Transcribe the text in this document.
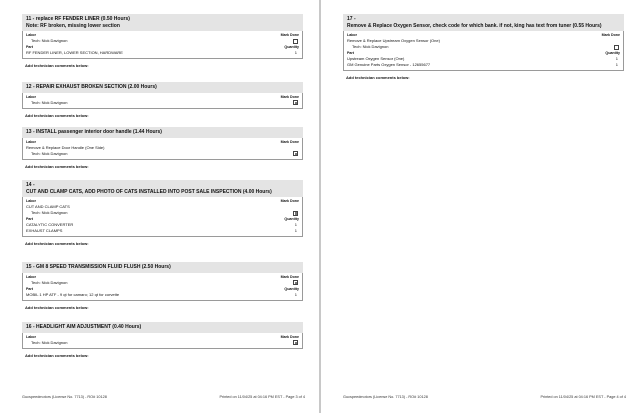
11 - replace RF FENDER LINER (0.50 Hours)
Note: RF broken, missing lower section
Labor	Mark Done
Tech: Nick Davignon
Part	Quantity
RF FENDER LINER, LOWER SECTION, HARDWARE	1
Add technician comments below:
12 - REPAIR EXHAUST BROKEN SECTION (2.00 Hours)
Labor	Mark Done
Tech: Nick Davignon
Add technician comments below:
13 - INSTALL passenger interior door handle (1.44 Hours)
Labor	Mark Done
Remove & Replace Door Handle (One Side)
Tech: Nick Davignon
Add technician comments below:
14 -
CUT AND CLAMP CATS, ADD PHOTO OF CATS INSTALLED INTO POST SALE INSPECTION (4.00 Hours)
Labor	Mark Done
CUT AND CLAMP CATS
Tech: Nick Davignon
Part	Quantity
CATALYTIC CONVERTER	1
EXHAUST CLAMPS	1
Add technician comments below:
15 - GM 8 SPEED TRANSMISSION FLUID FLUSH (2.50 Hours)
Labor	Mark Done
Tech: Nick Davignon
Part	Quantity
MOBIL 1 HP ATF - 9 qt for camaro; 12 qt for corvette	1
Add technician comments below:
16 - HEADLIGHT AIM ADJUSTMENT (0.40 Hours)
Labor	Mark Done
Tech: Nick Davignon
Add technician comments below:
Gucspeedmotors (License No. 7713) - RO# 10128	Printed on 11/04/25 at 04:16 PM EST - Page 3 of 4
17 -
Remove & Replace Oxygen Sensor, check code for which bank. if not, king has text from tuner (0.55 Hours)
Labor	Mark Done
Remove & Replace Upstream Oxygen Sensor (One)
Tech: Nick Davignon
Part	Quantity
Upstream Oxygen Sensor (One)	1
GM Genuine Parts Oxygen Sensor - 12655677	1
Add technician comments below:
Gucspeedmotors (License No. 7713) - RO# 10128	Printed on 11/04/25 at 04:16 PM EST - Page 4 of 4
